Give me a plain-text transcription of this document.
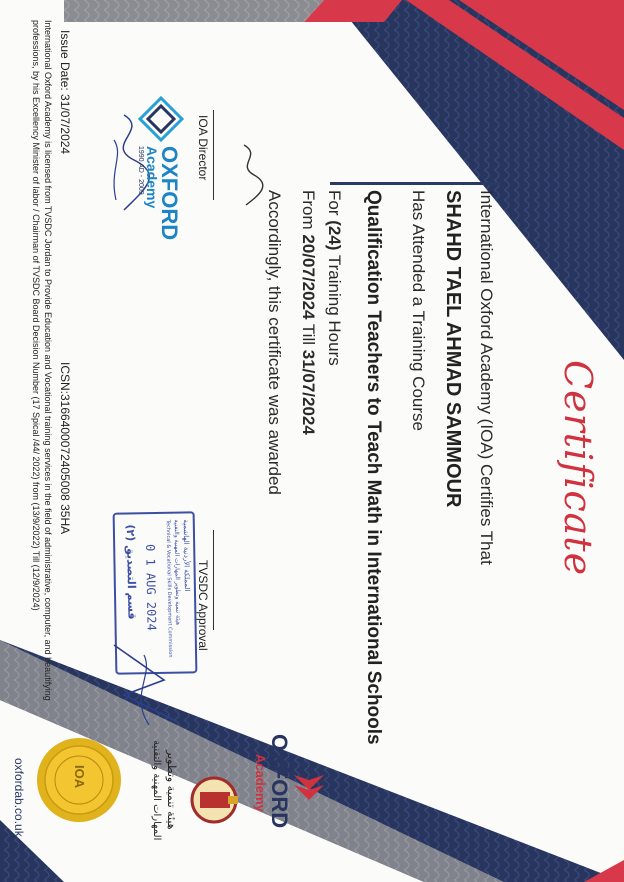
Certificate
International Oxford Academy (IOA) Certifies That
SHAHD TAEL AHMAD SAMMOUR
Has Attended a Training Course
Qualification Teachers to Teach Math in International Schools
For (24) Training Hours
From 20/07/2024 Till 31/07/2024
Accordingly, this certificate was awarded
IOA Director
OXFORD
Academy
1990 AD - 2009
TVSDC Approval
المملكة الأردنية الهاشمية
هيئة تنمية وتطوير المهارات المهنية والتقنية
Technical & Vocational Skills Development Commission
0 1 AUG 2024
قسم التصديق (٢)
IOA	OXFORD
Academy
هيئة تنمية وتطوير
المهارات المهنية والتقنية
Issue Date: 31/07/2024
ICSN:3166400072405008 35HA
International Oxford Academy is licensed from TVSDC Jordan to Provide Education and Vocational training services in the field of administrative, computer, and beautifying professions, by his Excellency Minister of labor / Chairman of TVSDC Board Decision Number (17 Spical /44/ 2022) from (13/9/2022) Till (12/9/2024)
oxfordab.co.uk
